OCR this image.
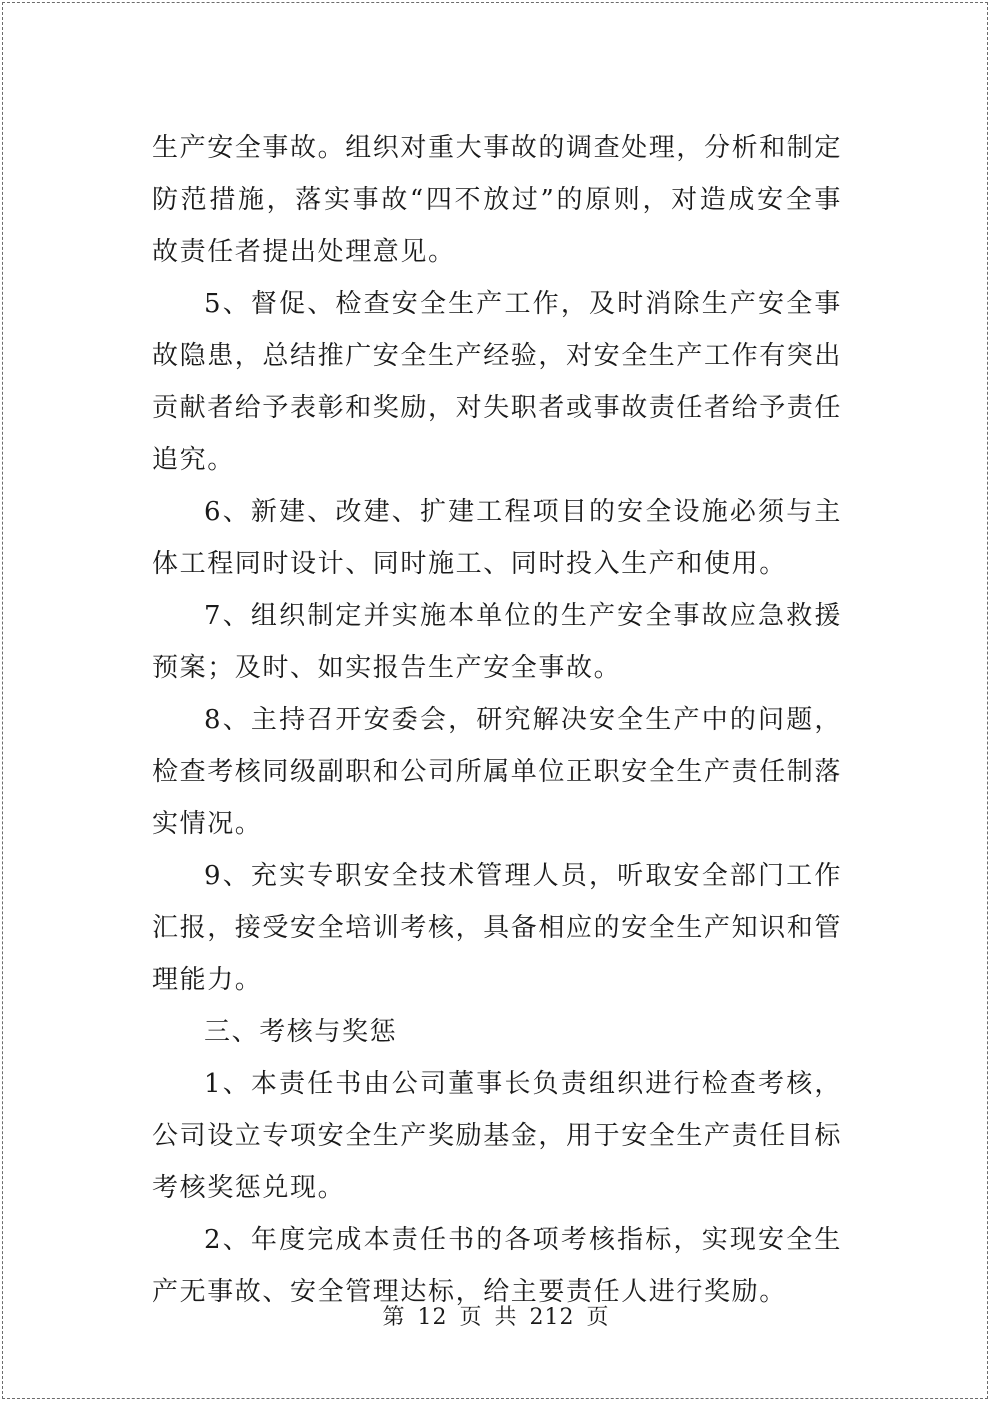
生产安全事故。组织对重大事故的调查处理，分析和制定防范措施，落实事故“四不放过”的原则，对造成安全事故责任者提出处理意见。

5、督促、检查安全生产工作，及时消除生产安全事故隐患，总结推广安全生产经验，对安全生产工作有突出贡献者给予表彰和奖励，对失职者或事故责任者给予责任追究。

6、新建、改建、扩建工程项目的安全设施必须与主体工程同时设计、同时施工、同时投入生产和使用。

7、组织制定并实施本单位的生产安全事故应急救援预案；及时、如实报告生产安全事故。

8、主持召开安委会，研究解决安全生产中的问题，检查考核同级副职和公司所属单位正职安全生产责任制落实情况。

9、充实专职安全技术管理人员，听取安全部门工作汇报，接受安全培训考核，具备相应的安全生产知识和管理能力。

三、考核与奖惩

1、本责任书由公司董事长负责组织进行检查考核，公司设立专项安全生产奖励基金，用于安全生产责任目标考核奖惩兑现。

2、年度完成本责任书的各项考核指标，实现安全生产无事故、安全管理达标，给主要责任人进行奖励。

第 12 页 共 212 页
